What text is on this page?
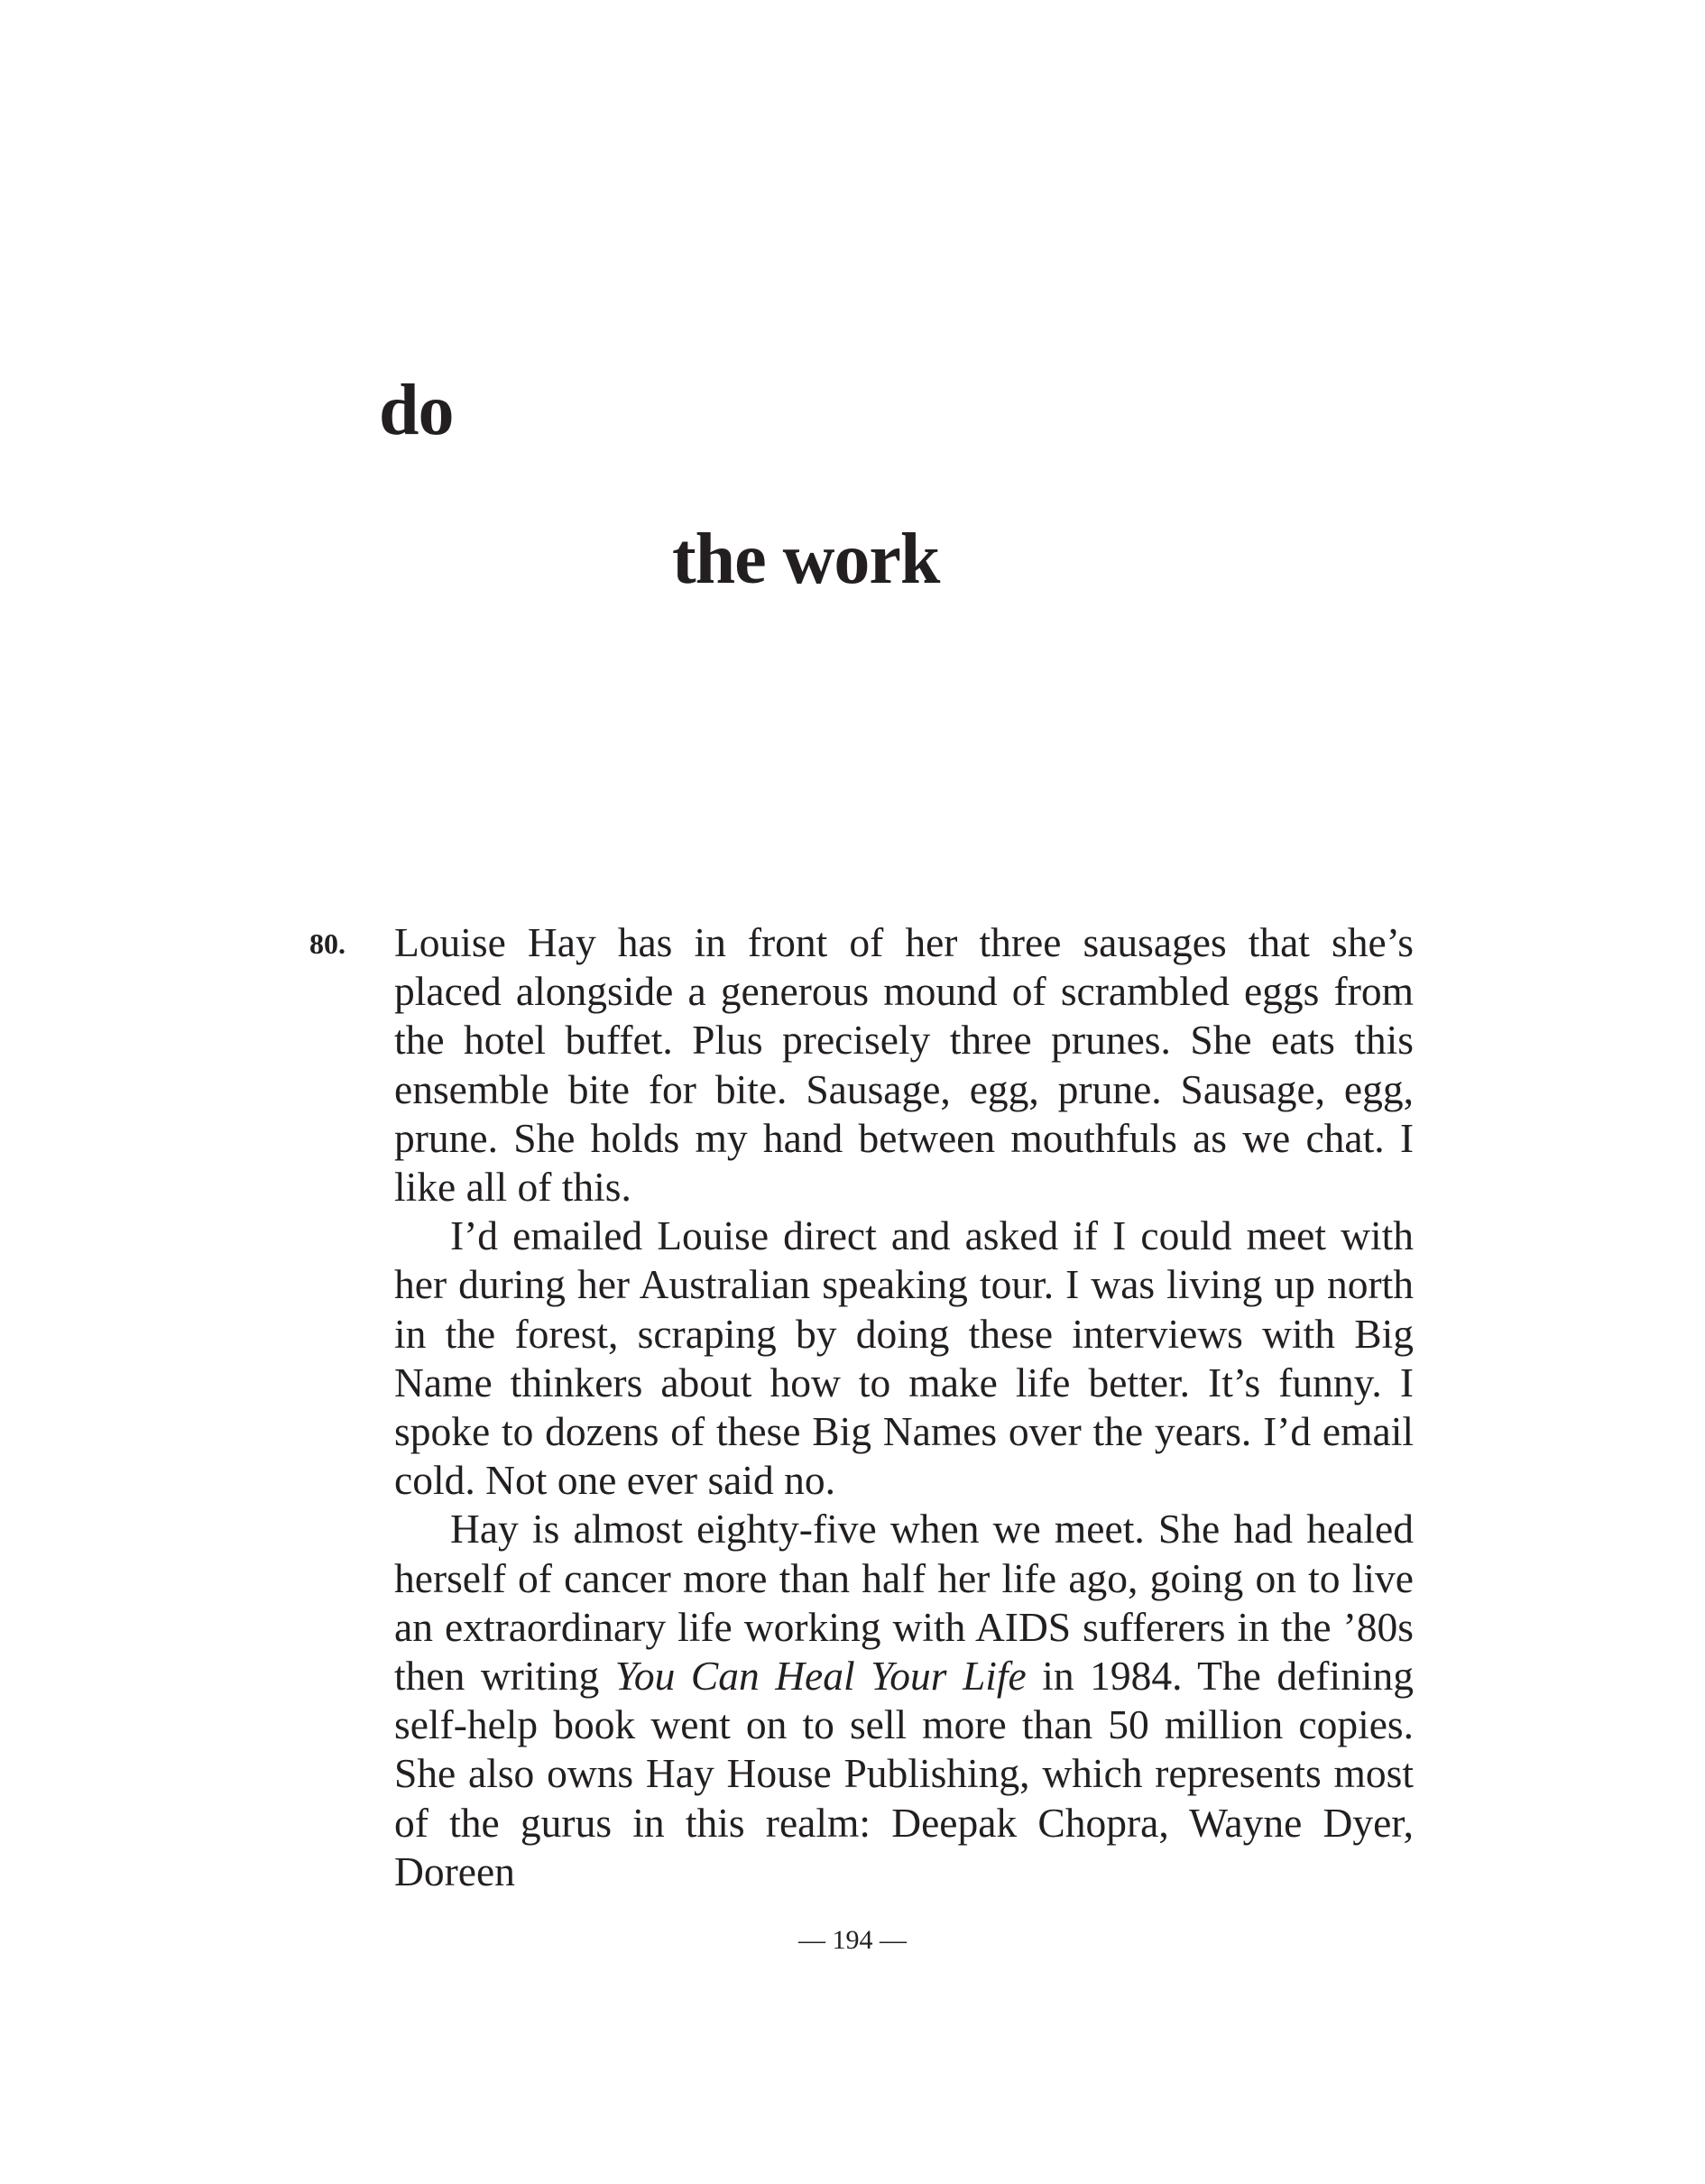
do
the work
80. Louise Hay has in front of her three sausages that she’s placed alongside a generous mound of scrambled eggs from the hotel buffet. Plus precisely three prunes. She eats this ensemble bite for bite. Sausage, egg, prune. Sausage, egg, prune. She holds my hand between mouthfuls as we chat. I like all of this.

I’d emailed Louise direct and asked if I could meet with her during her Australian speaking tour. I was living up north in the forest, scraping by doing these interviews with Big Name thinkers about how to make life better. It’s funny. I spoke to dozens of these Big Names over the years. I’d email cold. Not one ever said no.

Hay is almost eighty-five when we meet. She had healed herself of cancer more than half her life ago, going on to live an extraordinary life working with AIDS sufferers in the ’80s then writing You Can Heal Your Life in 1984. The defining self-help book went on to sell more than 50 million copies. She also owns Hay House Publishing, which represents most of the gurus in this realm: Deepak Chopra, Wayne Dyer, Doreen

— 194 —
